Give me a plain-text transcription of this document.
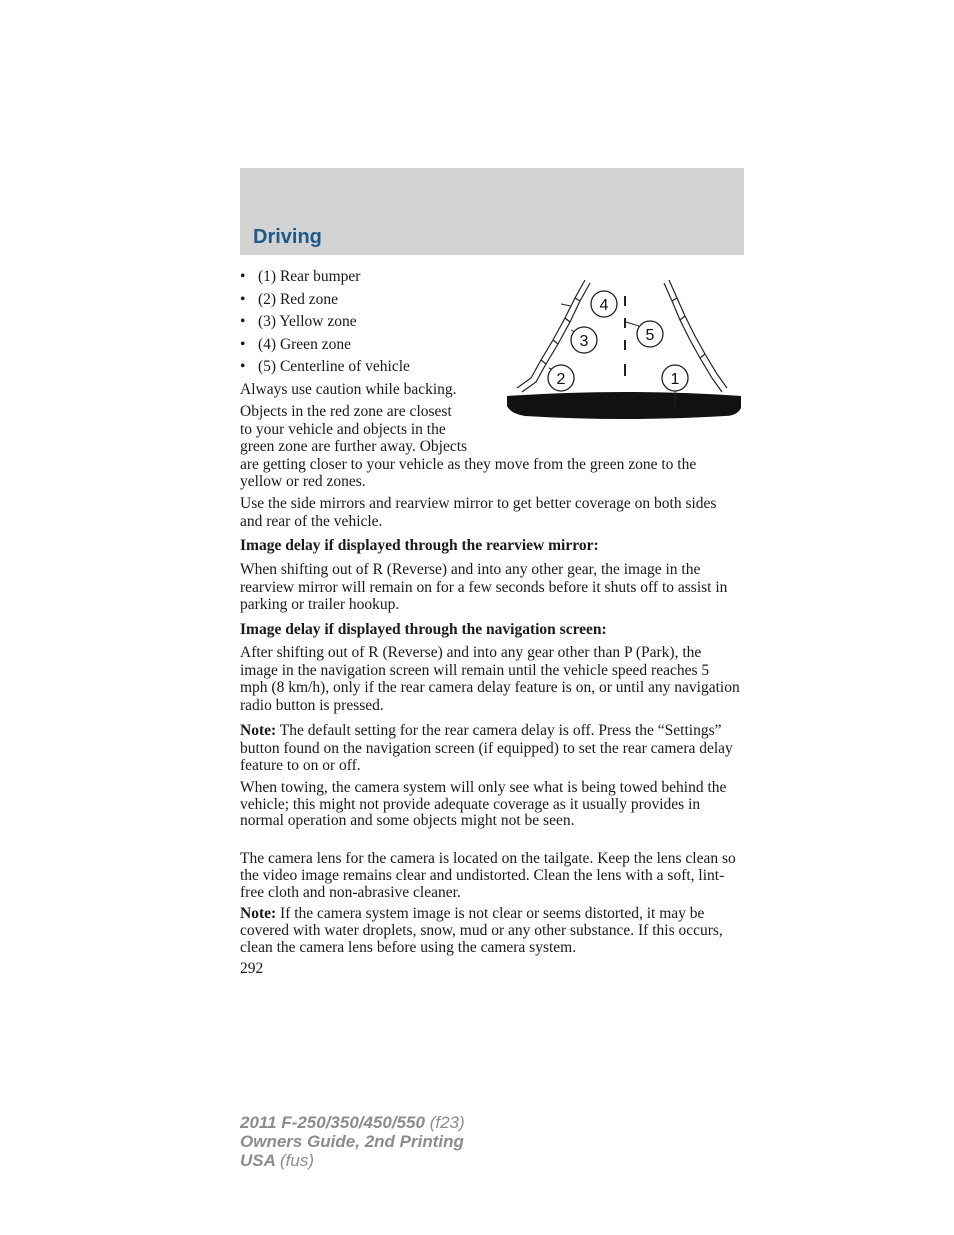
Driving
• (1) Rear bumper
• (2) Red zone
• (3) Yellow zone
• (4) Green zone
• (5) Centerline of vehicle
4
5
3
2	1

Always use caution while backing.

Objects in the red zone are closest
to your vehicle and objects in the
green zone are further away. Objects
are getting closer to your vehicle as they move from the green zone to the yellow or red zones.

Use the side mirrors and rearview mirror to get better coverage on both sides and rear of the vehicle.

Image delay if displayed through the rearview mirror:

When shifting out of R (Reverse) and into any other gear, the image in the rearview mirror will remain on for a few seconds before it shuts off to assist in parking or trailer hookup.

Image delay if displayed through the navigation screen:

After shifting out of R (Reverse) and into any gear other than P (Park), the image in the navigation screen will remain until the vehicle speed reaches 5 mph (8 km/h), only if the rear camera delay feature is on, or until any navigation radio button is pressed.

Note: The default setting for the rear camera delay is off. Press the “Settings” button found on the navigation screen (if equipped) to set the rear camera delay feature to on or off.

When towing, the camera system will only see what is being towed behind the vehicle; this might not provide adequate coverage as it usually provides in normal operation and some objects might not be seen.

The camera lens for the camera is located on the tailgate. Keep the lens clean so the video image remains clear and undistorted. Clean the lens with a soft, lint-free cloth and non-abrasive cleaner.

Note: If the camera system image is not clear or seems distorted, it may be covered with water droplets, snow, mud or any other substance. If this occurs, clean the camera lens before using the camera system.

292

2011 F-250/350/450/550 (f23)
Owners Guide, 2nd Printing
USA (fus)
